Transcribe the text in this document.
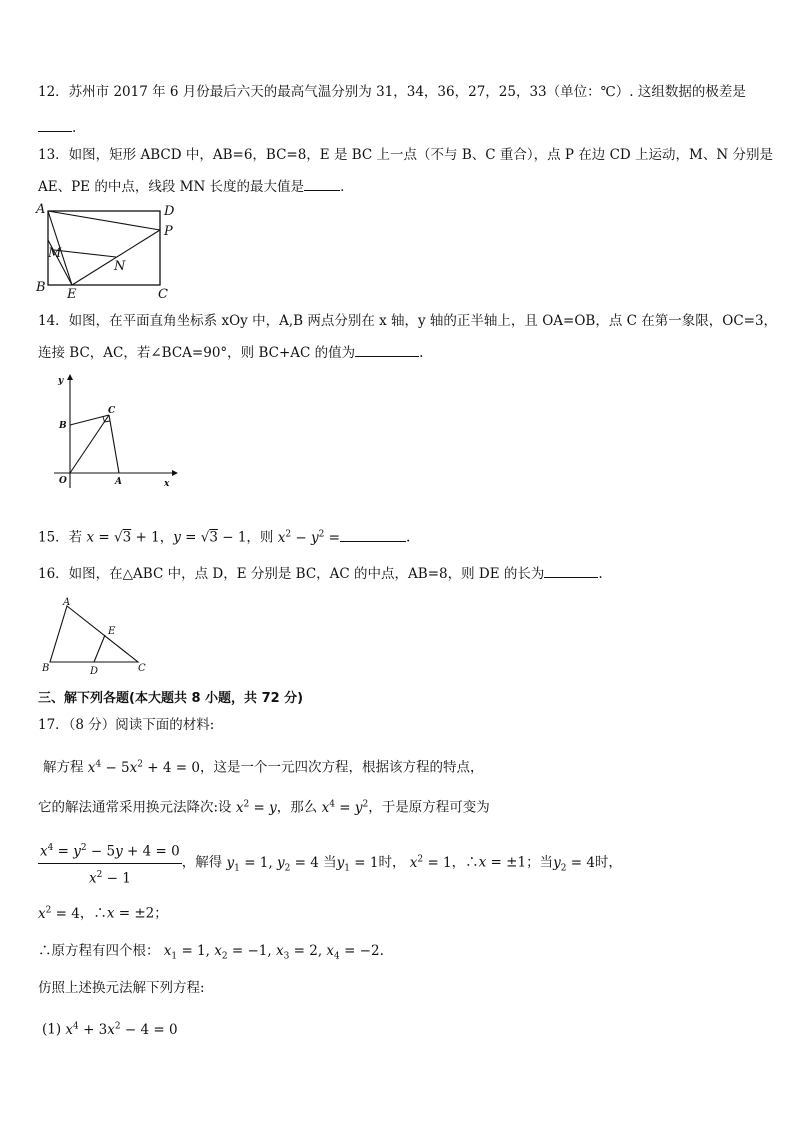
12．苏州市 2017 年 6 月份最后六天的最高气温分别为 31，34，36，27，25，33（单位：℃）. 这组数据的极差是
.
13．如图，矩形 ABCD 中，AB=6，BC=8，E 是 BC 上一点（不与 B、C 重合），点 P 在边 CD 上运动，M、N 分别是
AE、PE 的中点，线段 MN 长度的最大值是	.
A	D
P
M
N
B E	C
14．如图，在平面直角坐标系 xOy 中，A,B 两点分别在 x 轴，y 轴的正半轴上，且 OA=OB，点 C 在第一象限，OC=3，
连接 BC，AC，若∠BCA=90°，则 BC+AC 的值为	.
y
C
B
O	A	x
15．若 x = √3 + 1，y = √3 − 1，则 $x^2 - y^2$ =	.
16．如图，在△ABC 中，点 D，E 分别是 BC，AC 的中点，AB=8，则 DE 的长为	.
A
E
B	D	C
三、解下列各题(本大题共 8 小题，共 72 分)
17．（8 分）阅读下面的材料:
解方程 $x^4 - 5x^2 + 4 = 0$，这是一个一元四次方程，根据该方程的特点，
它的解法通常采用换元法降次:设 $x^2 = y$，那么 $x^4 = y^2$，于是原方程可变为
$\frac{x^4 = y^2 - 5y + 4 = 0}{x^2 - 1}$ ，解得 $y_1 = 1$, $y_2 = 4$ 当$y_1 = 1$时， $x^2 = 1$，∴x = ±1；当$y_2 = 4$时，
$x^2 = 4$，∴x = ±2；
∴原方程有四个根： $x_1 = 1$, $x_2 = -1$, $x_3 = 2$, $x_4 = -2$.
仿照上述换元法解下列方程:
(1) $x^4 + 3x^2 - 4 = 0$
